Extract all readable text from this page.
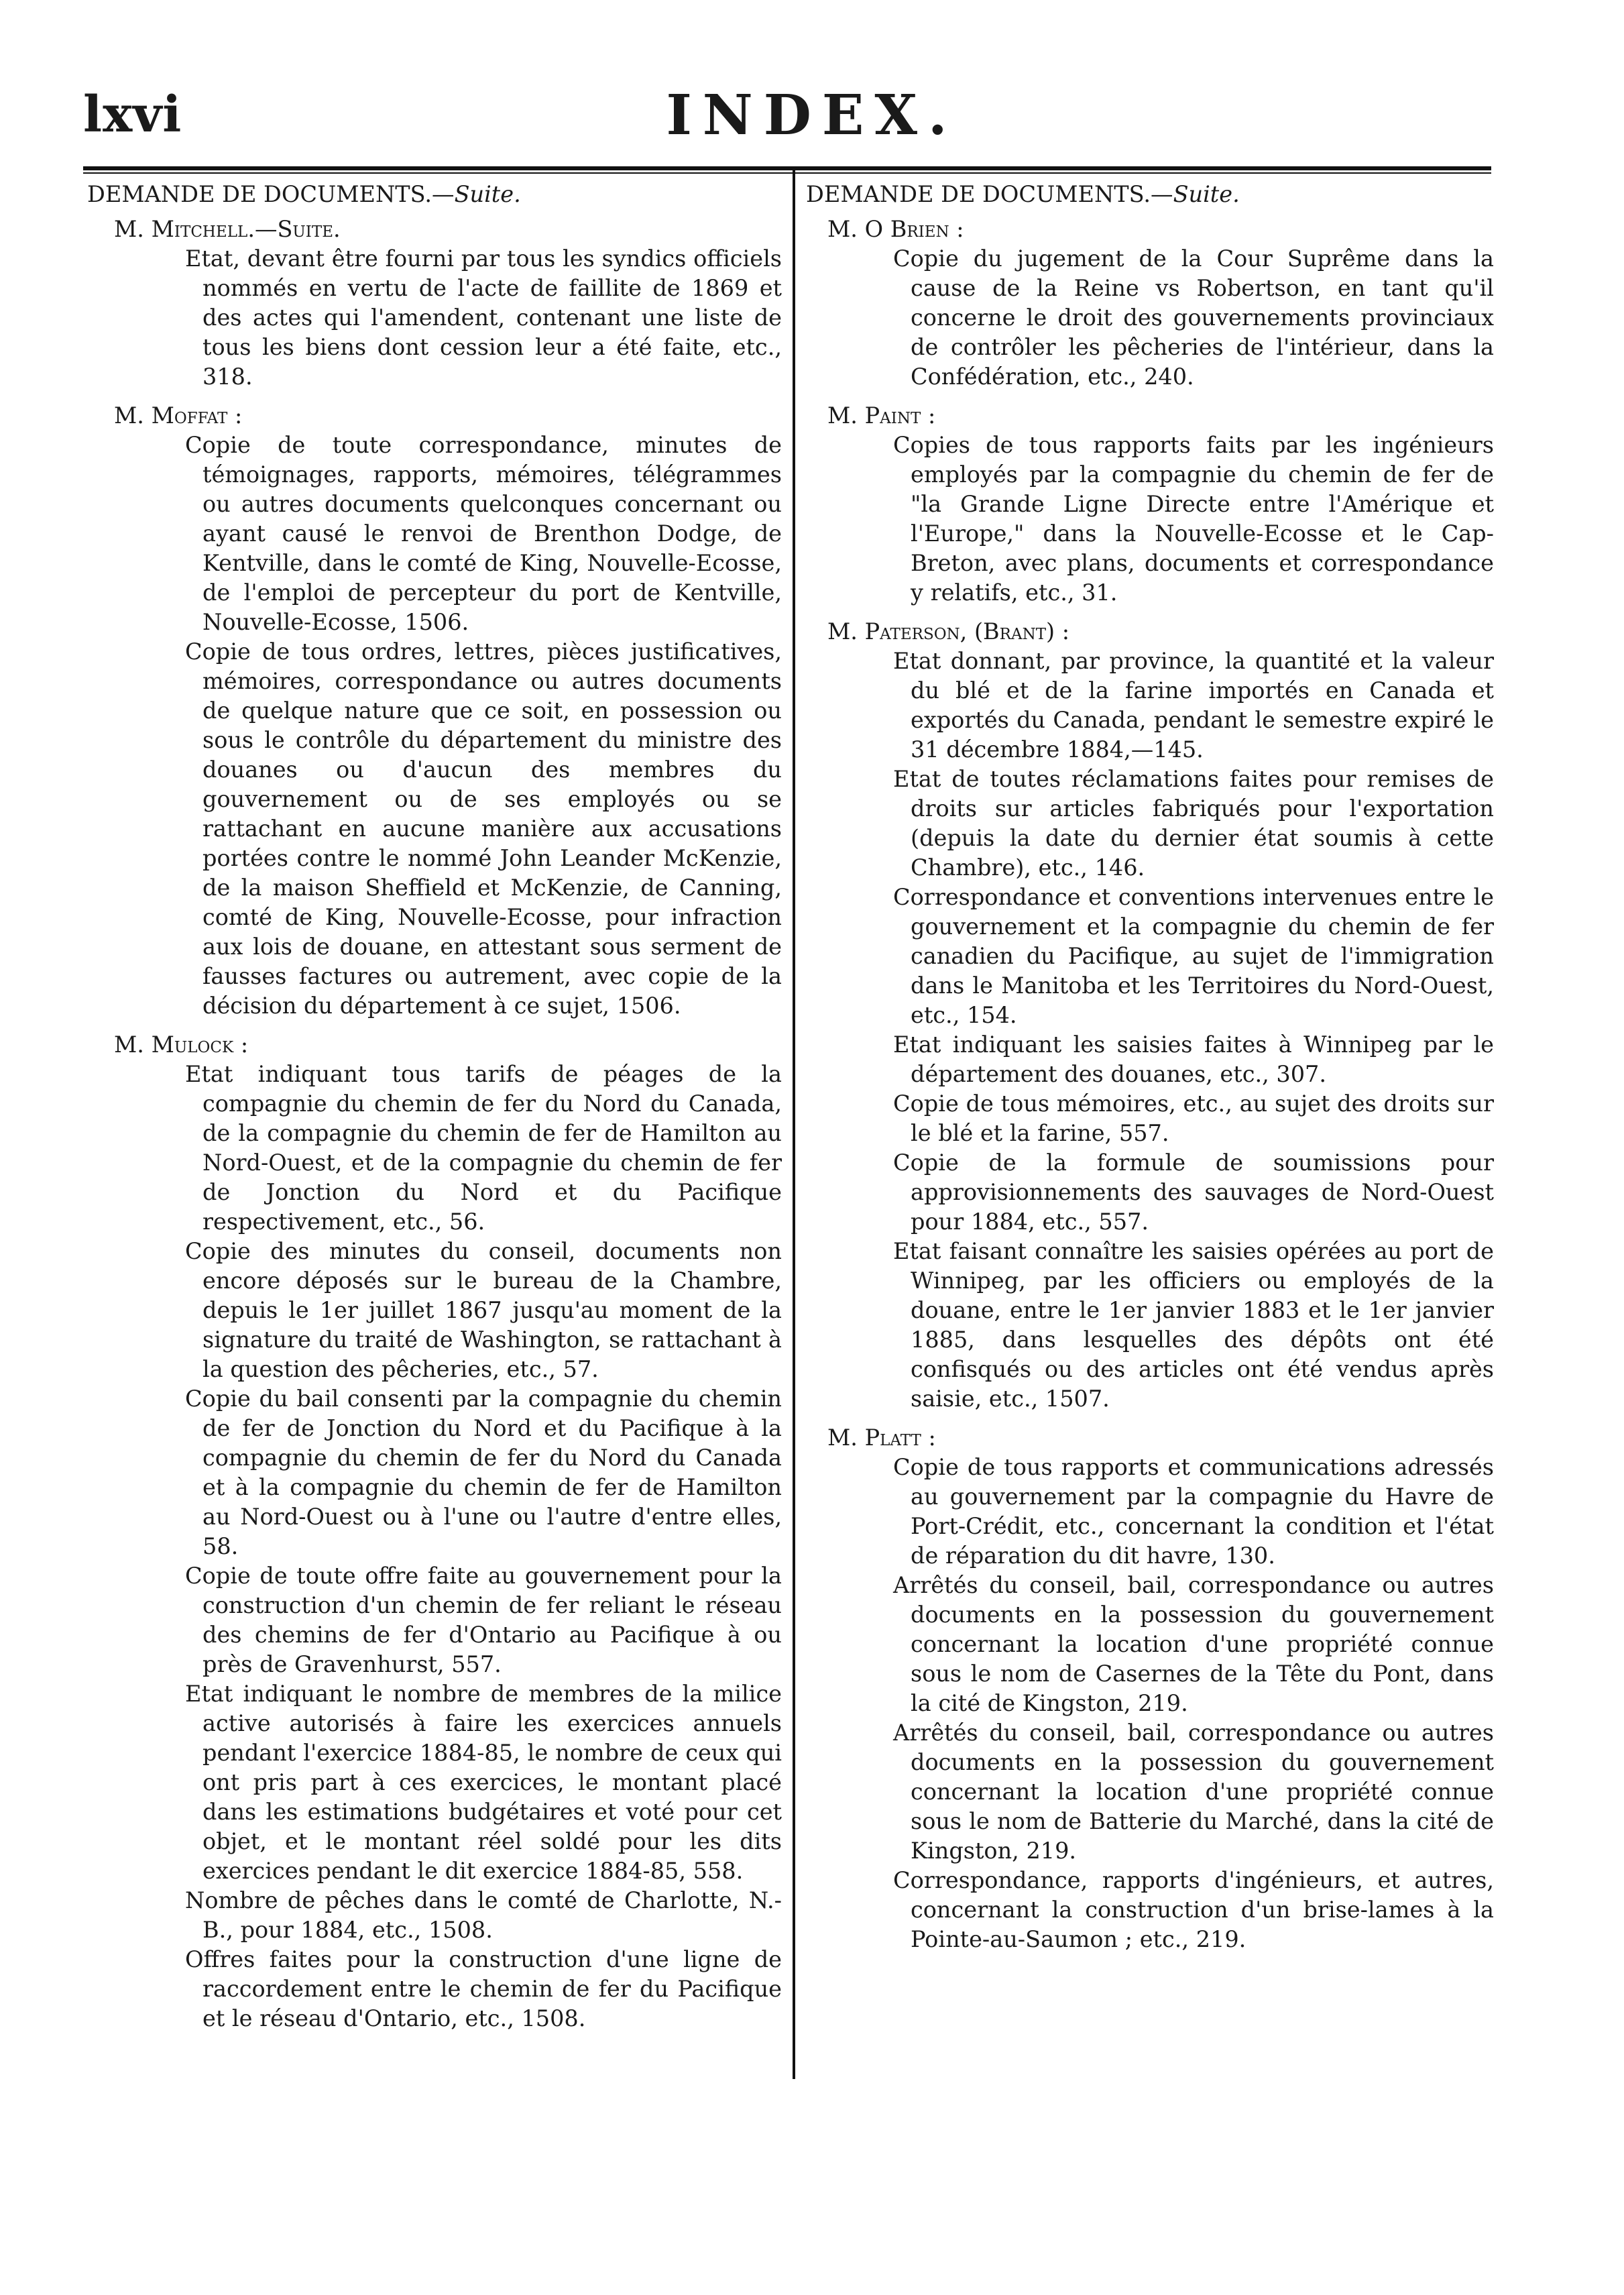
lxvi	INDEX.
DEMANDE DE DOCUMENTS.—Suite.
M. Mitchell.—Suite.
Etat, devant être fourni par tous les syndics officiels nommés en vertu de l'acte de faillite de 1869 et des actes qui l'amendent, contenant une liste de tous les biens dont cession leur a été faite, etc., 318.
M. Moffat :
Copie de toute correspondance, minutes de témoignages, rapports, mémoires, télégrammes ou autres documents quelconques concernant ou ayant causé le renvoi de Brenthon Dodge, de Kentville, dans le comté de King, Nouvelle-Ecosse, de l'emploi de percepteur du port de Kentville, Nouvelle-Ecosse, 1506.
Copie de tous ordres, lettres, pièces justificatives, mémoires, correspondance ou autres documents de quelque nature que ce soit, en possession ou sous le contrôle du département du ministre des douanes ou d'aucun des membres du gouvernement ou de ses employés ou se rattachant en aucune manière aux accusations portées contre le nommé John Leander McKenzie, de la maison Sheffield et McKenzie, de Canning, comté de King, Nouvelle-Ecosse, pour infraction aux lois de douane, en attestant sous serment de fausses factures ou autrement, avec copie de la décision du département à ce sujet, 1506.
M. Mulock :
Etat indiquant tous tarifs de péages de la compagnie du chemin de fer du Nord du Canada, de la compagnie du chemin de fer de Hamilton au Nord-Ouest, et de la compagnie du chemin de fer de Jonction du Nord et du Pacifique respectivement, etc., 56.
Copie des minutes du conseil, documents non encore déposés sur le bureau de la Chambre, depuis le 1er juillet 1867 jusqu'au moment de la signature du traité de Washington, se rattachant à la question des pêcheries, etc., 57.
Copie du bail consenti par la compagnie du chemin de fer de Jonction du Nord et du Pacifique à la compagnie du chemin de fer du Nord du Canada et à la compagnie du chemin de fer de Hamilton au Nord-Ouest ou à l'une ou l'autre d'entre elles, 58.
Copie de toute offre faite au gouvernement pour la construction d'un chemin de fer reliant le réseau des chemins de fer d'Ontario au Pacifique à ou près de Gravenhurst, 557.
Etat indiquant le nombre de membres de la milice active autorisés à faire les exercices annuels pendant l'exercice 1884-85, le nombre de ceux qui ont pris part à ces exercices, le montant placé dans les estimations budgétaires et voté pour cet objet, et le montant réel soldé pour les dits exercices pendant le dit exercice 1884-85, 558.
Nombre de pêches dans le comté de Charlotte, N.-B., pour 1884, etc., 1508.
Offres faites pour la construction d'une ligne de raccordement entre le chemin de fer du Pacifique et le réseau d'Ontario, etc., 1508.
DEMANDE DE DOCUMENTS.—Suite.
M. O Brien :
Copie du jugement de la Cour Suprême dans la cause de la Reine vs Robertson, en tant qu'il concerne le droit des gouvernements provinciaux de contrôler les pêcheries de l'intérieur, dans la Confédération, etc., 240.
M. Paint :
Copies de tous rapports faits par les ingénieurs employés par la compagnie du chemin de fer de "la Grande Ligne Directe entre l'Amérique et l'Europe," dans la Nouvelle-Ecosse et le Cap-Breton, avec plans, documents et correspondance y relatifs, etc., 31.
M. Paterson, (Brant) :
Etat donnant, par province, la quantité et la valeur du blé et de la farine importés en Canada et exportés du Canada, pendant le semestre expiré le 31 décembre 1884,—145.
Etat de toutes réclamations faites pour remises de droits sur articles fabriqués pour l'exportation (depuis la date du dernier état soumis à cette Chambre), etc., 146.
Correspondance et conventions intervenues entre le gouvernement et la compagnie du chemin de fer canadien du Pacifique, au sujet de l'immigration dans le Manitoba et les Territoires du Nord-Ouest, etc., 154.
Etat indiquant les saisies faites à Winnipeg par le département des douanes, etc., 307.
Copie de tous mémoires, etc., au sujet des droits sur le blé et la farine, 557.
Copie de la formule de soumissions pour approvisionnements des sauvages de Nord-Ouest pour 1884, etc., 557.
Etat faisant connaître les saisies opérées au port de Winnipeg, par les officiers ou employés de la douane, entre le 1er janvier 1883 et le 1er janvier 1885, dans lesquelles des dépôts ont été confisqués ou des articles ont été vendus après saisie, etc., 1507.
M. Platt :
Copie de tous rapports et communications adressés au gouvernement par la compagnie du Havre de Port-Crédit, etc., concernant la condition et l'état de réparation du dit havre, 130.
Arrêtés du conseil, bail, correspondance ou autres documents en la possession du gouvernement concernant la location d'une propriété connue sous le nom de Casernes de la Tête du Pont, dans la cité de Kingston, 219.
Arrêtés du conseil, bail, correspondance ou autres documents en la possession du gouvernement concernant la location d'une propriété connue sous le nom de Batterie du Marché, dans la cité de Kingston, 219.
Correspondance, rapports d'ingénieurs, et autres, concernant la construction d'un brise-lames à la Pointe-au-Saumon ; etc., 219.
